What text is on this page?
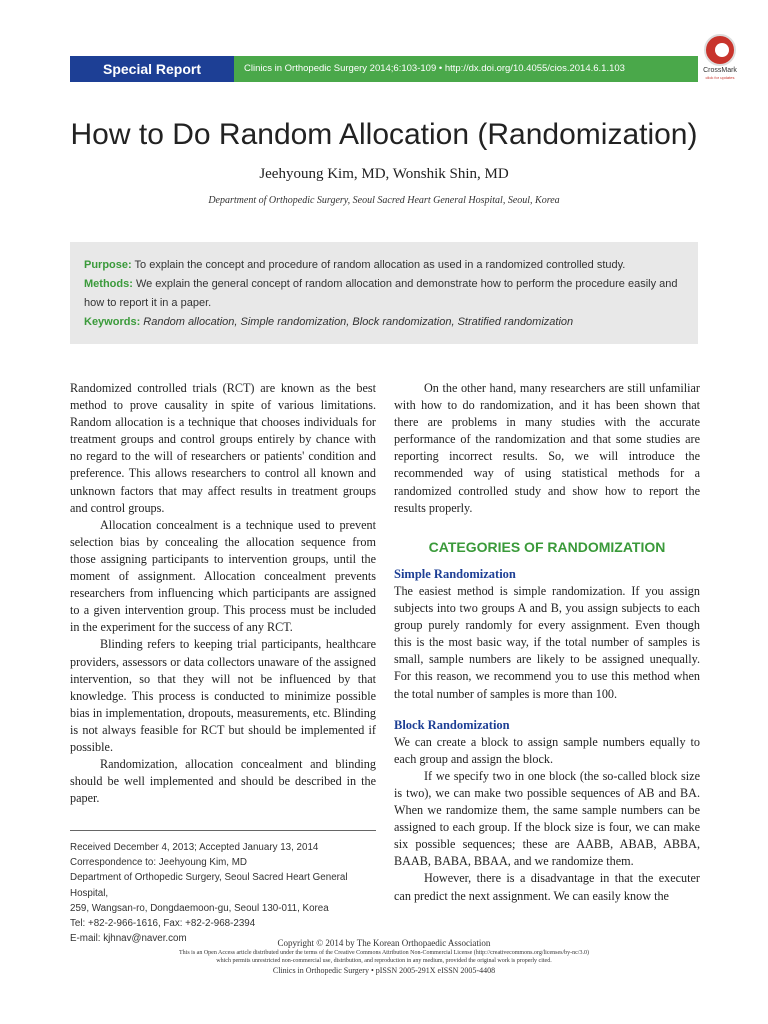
Special Report	Clinics in Orthopedic Surgery 2014;6:103-109 • http://dx.doi.org/10.4055/cios.2014.6.1.103	CrossMark
click for updates
How to Do Random Allocation (Randomization)
Jeehyoung Kim, MD, Wonshik Shin, MD
Department of Orthopedic Surgery, Seoul Sacred Heart General Hospital, Seoul, Korea
Purpose: To explain the concept and procedure of random allocation as used in a randomized controlled study.
Methods: We explain the general concept of random allocation and demonstrate how to perform the procedure easily and how to report it in a paper.
Keywords: Random allocation, Simple randomization, Block randomization, Stratified randomization

Randomized controlled trials (RCT) are known as the best method to prove causality in spite of various limitations. Random allocation is a technique that chooses individuals for treatment groups and control groups entirely by chance with no regard to the will of researchers or patients' condition and preference. This allows researchers to control all known and unknown factors that may affect results in treatment groups and control groups.

Allocation concealment is a technique used to prevent selection bias by concealing the allocation sequence from those assigning participants to intervention groups, until the moment of assignment. Allocation concealment prevents researchers from influencing which participants are assigned to a given intervention group. This process must be included in the experiment for the success of any RCT.

Blinding refers to keeping trial participants, healthcare providers, assessors or data collectors unaware of the assigned intervention, so that they will not be influenced by that knowledge. This process is conducted to minimize possible bias in implementation, dropouts, measurements, etc. Blinding is not always feasible for RCT but should be implemented if possible.

Randomization, allocation concealment and blinding should be well implemented and should be described in the paper.

Received December 4, 2013; Accepted January 13, 2014
Correspondence to: Jeehyoung Kim, MD
Department of Orthopedic Surgery, Seoul Sacred Heart General Hospital,
259, Wangsan-ro, Dongdaemoon-gu, Seoul 130-011, Korea
Tel: +82-2-966-1616, Fax: +82-2-968-2394
E-mail: kjhnav@naver.com

On the other hand, many researchers are still unfamiliar with how to do randomization, and it has been shown that there are problems in many studies with the accurate performance of the randomization and that some studies are reporting incorrect results. So, we will introduce the recommended way of using statistical methods for a randomized controlled study and show how to report the results properly.

CATEGORIES OF RANDOMIZATION

Simple Randomization

The easiest method is simple randomization. If you assign subjects into two groups A and B, you assign subjects to each group purely randomly for every assignment. Even though this is the most basic way, if the total number of samples is small, sample numbers are likely to be assigned unequally. For this reason, we recommend you to use this method when the total number of samples is more than 100.

Block Randomization

We can create a block to assign sample numbers equally to each group and assign the block.

If we specify two in one block (the so-called block size is two), we can make two possible sequences of AB and BA. When we randomize them, the same sample numbers can be assigned to each group. If the block size is four, we can make six possible sequences; these are AABB, ABAB, ABBA, BAAB, BABA, BBAA, and we randomize them.

However, there is a disadvantage in that the executer can predict the next assignment. We can easily know the

Copyright © 2014 by The Korean Orthopaedic Association
This is an Open Access article distributed under the terms of the Creative Commons Attribution Non-Commercial License (http://creativecommons.org/licenses/by-nc/3.0)
which permits unrestricted non-commercial use, distribution, and reproduction in any medium, provided the original work is properly cited.
Clinics in Orthopedic Surgery • pISSN 2005-291X eISSN 2005-4408
